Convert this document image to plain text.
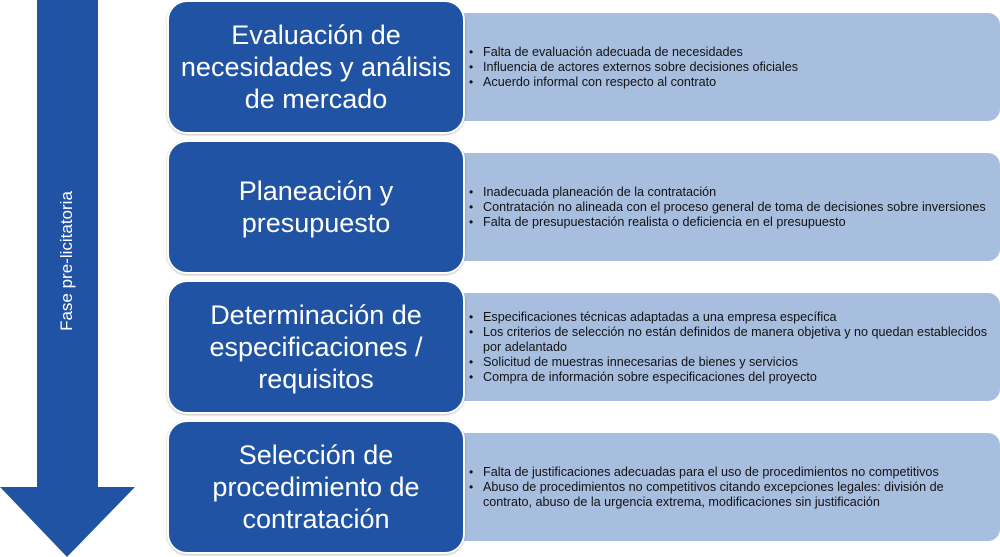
Fase pre-licitatoria
• Falta de evaluación adecuada de necesidades
• Influencia de actores externos sobre decisiones oficiales
• Acuerdo informal con respecto al contrato
Evaluación de necesidades y análisis de mercado
• Inadecuada planeación de la contratación
• Contratación no alineada con el proceso general de toma de decisiones sobre inversiones
• Falta de presupuestación realista o deficiencia en el presupuesto
Planeación y presupuesto
• Especificaciones técnicas adaptadas a una empresa específica
• Los criterios de selección no están definidos de manera objetiva y no quedan establecidos por adelantado
• Solicitud de muestras innecesarias de bienes y servicios
• Compra de información sobre especificaciones del proyecto
Determinación de especificaciones / requisitos
• Falta de justificaciones adecuadas para el uso de procedimientos no competitivos
• Abuso de procedimientos no competitivos citando excepciones legales: división de contrato, abuso de la urgencia extrema, modificaciones sin justificación
Selección de procedimiento de contratación
